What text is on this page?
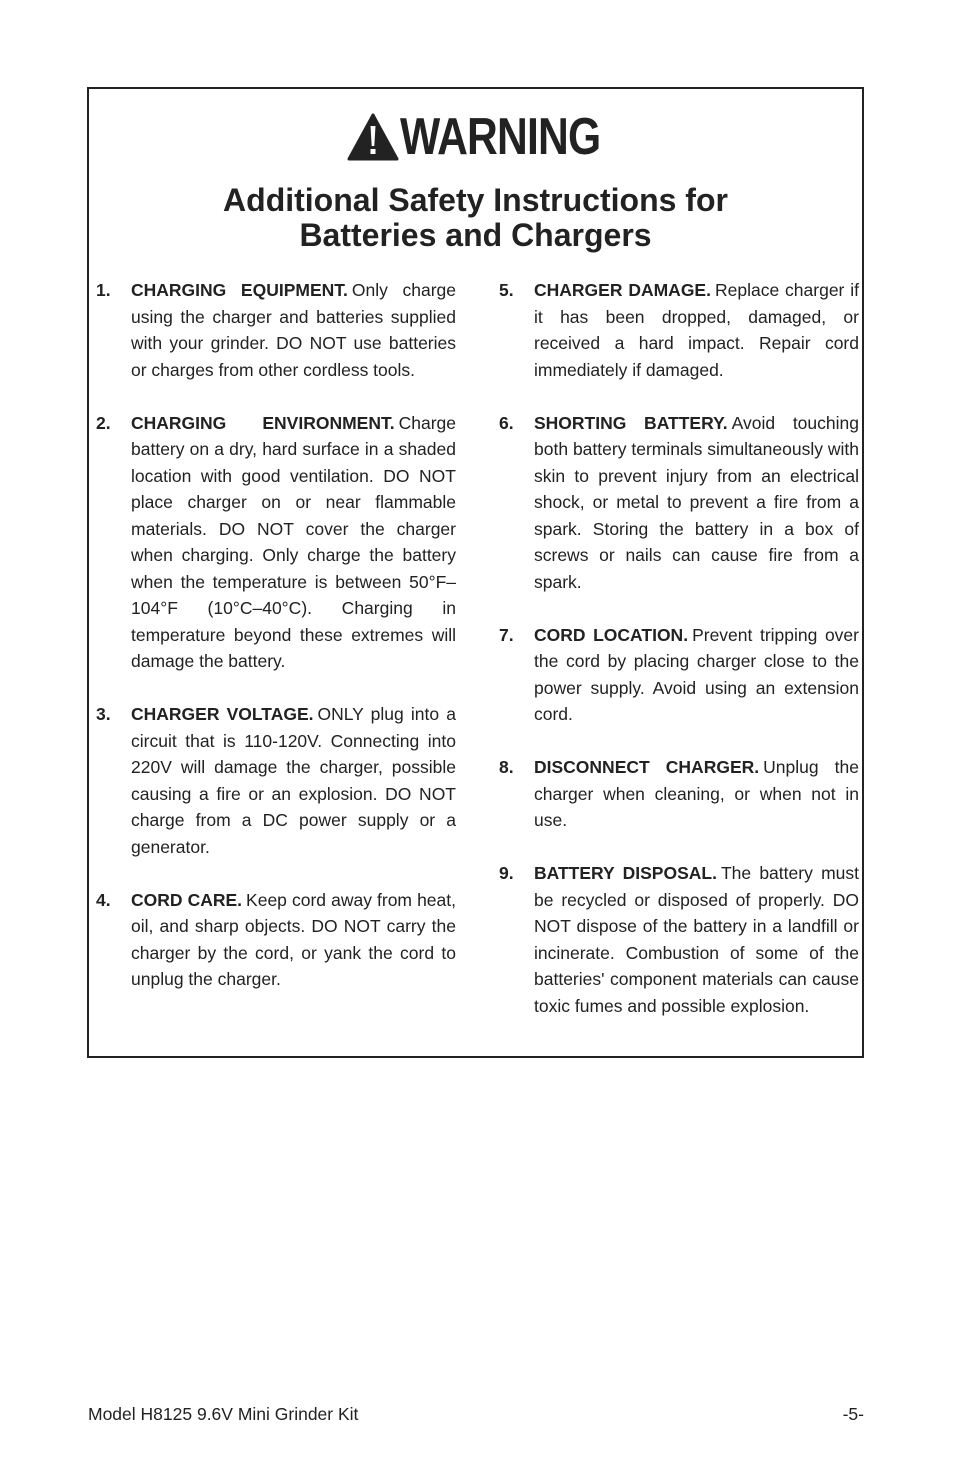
WARNING
Additional Safety Instructions for
Batteries and Chargers
1.	CHARGING EQUIPMENT. Only charge using the charger and batteries supplied with your grinder. DO NOT use batteries or charges from other cordless tools.
2.	CHARGING ENVIRONMENT. Charge battery on a dry, hard surface in a shaded location with good ventilation. DO NOT place charger on or near flammable materials. DO NOT cover the charger when charging. Only charge the battery when the temperature is between 50°F–104°F (10°C–40°C). Charging in temperature beyond these extremes will damage the battery.
3.	CHARGER VOLTAGE. ONLY plug into a circuit that is 110-120V. Connecting into 220V will damage the charger, possible causing a fire or an explosion. DO NOT charge from a DC power supply or a generator.
4.	CORD CARE. Keep cord away from heat, oil, and sharp objects. DO NOT carry the charger by the cord, or yank the cord to unplug the charger.
5.	CHARGER DAMAGE. Replace charger if it has been dropped, damaged, or received a hard impact. Repair cord immediately if damaged.
6.	SHORTING BATTERY. Avoid touching both battery terminals simultaneously with skin to prevent injury from an electrical shock, or metal to prevent a fire from a spark. Storing the battery in a box of screws or nails can cause fire from a spark.
7.	CORD LOCATION. Prevent tripping over the cord by placing charger close to the power supply. Avoid using an extension cord.
8.	DISCONNECT CHARGER. Unplug the charger when cleaning, or when not in use.
9.	BATTERY DISPOSAL. The battery must be recycled or disposed of properly. DO NOT dispose of the battery in a landfill or incinerate. Combustion of some of the batteries' component materials can cause toxic fumes and possible explosion.
Model H8125 9.6V Mini Grinder Kit	-5-
